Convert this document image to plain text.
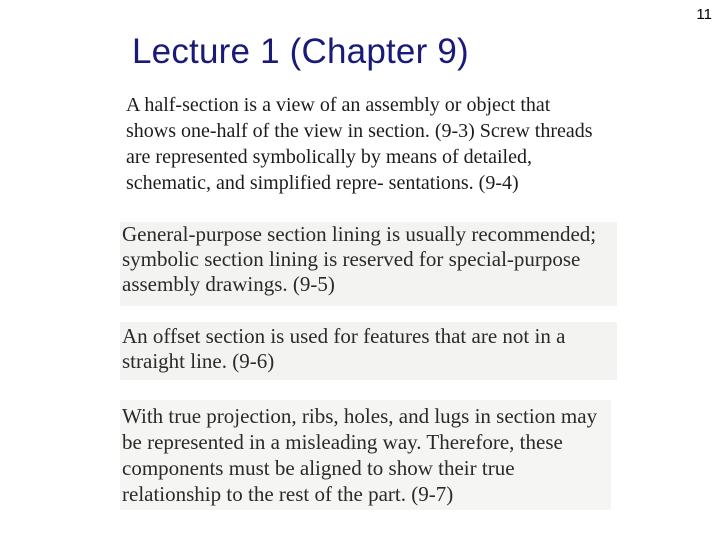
11
Lecture 1 (Chapter 9)

A half-section is a view of an assembly or object that shows one-half of the view in section. (9-3) Screw threads are represented symbolically by means of detailed, schematic, and simplified repre- sentations. (9-4)

General-purpose section lining is usually recommended; symbolic section lining is reserved for special-purpose assembly drawings. (9-5)

An offset section is used for features that are not in a straight line. (9-6)

With true projection, ribs, holes, and lugs in section may be represented in a misleading way. Therefore, these components must be aligned to show their true relationship to the rest of the part. (9-7)
